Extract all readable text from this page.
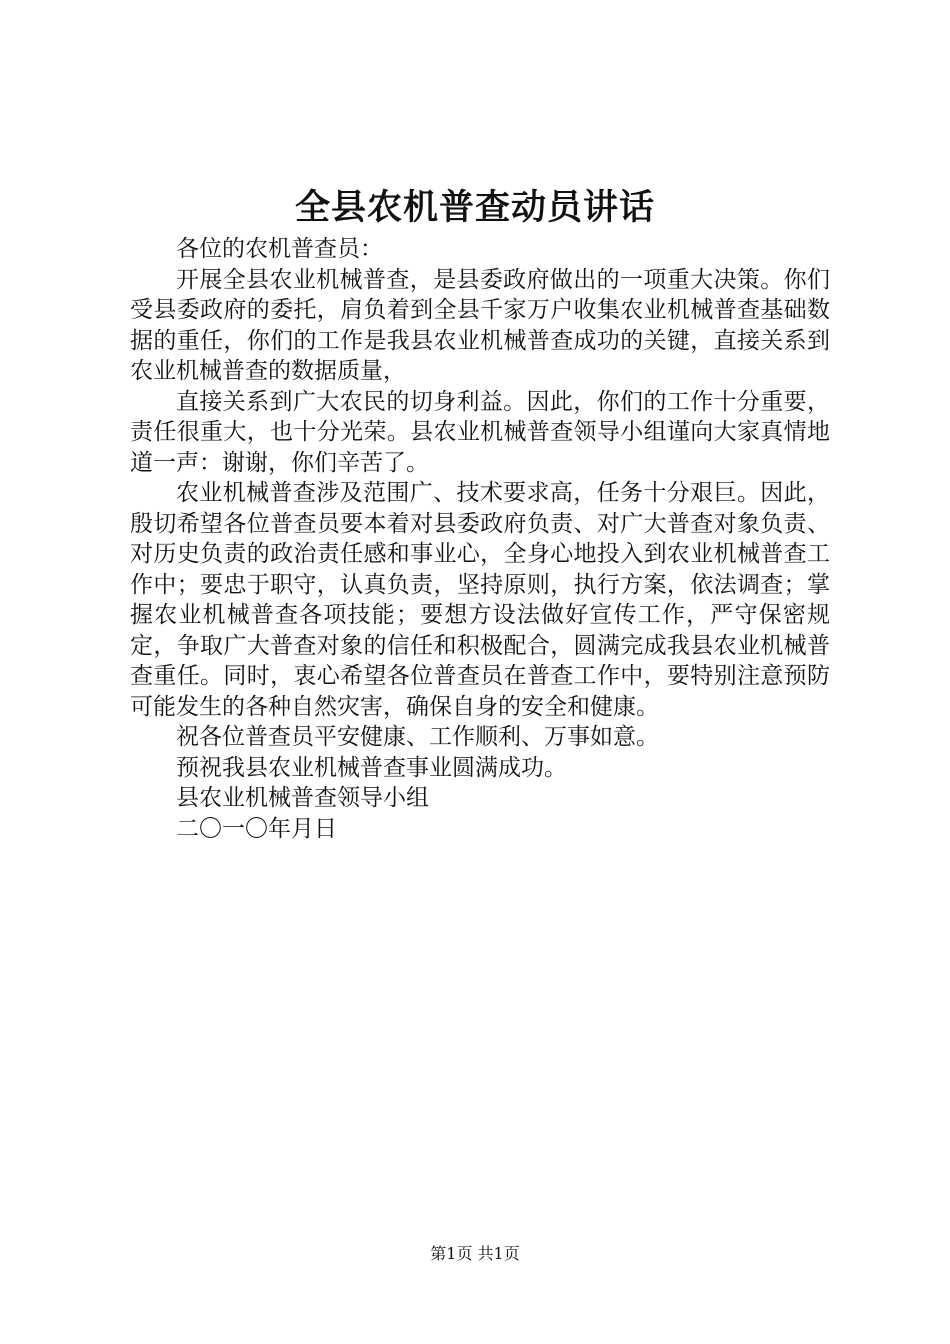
全县农机普查动员讲话

各位的农机普查员：

开展全县农业机械普查，是县委政府做出的一项重大决策。你们受县委政府的委托，肩负着到全县千家万户收集农业机械普查基础数据的重任，你们的工作是我县农业机械普查成功的关键，直接关系到农业机械普查的数据质量，

直接关系到广大农民的切身利益。因此，你们的工作十分重要，责任很重大，也十分光荣。县农业机械普查领导小组谨向大家真情地道一声：谢谢，你们辛苦了。

农业机械普查涉及范围广、技术要求高，任务十分艰巨。因此，殷切希望各位普查员要本着对县委政府负责、对广大普查对象负责、对历史负责的政治责任感和事业心，全身心地投入到农业机械普查工作中；要忠于职守，认真负责，坚持原则，执行方案，依法调查；掌握农业机械普查各项技能；要想方设法做好宣传工作，严守保密规定，争取广大普查对象的信任和积极配合，圆满完成我县农业机械普查重任。同时，衷心希望各位普查员在普查工作中，要特别注意预防可能发生的各种自然灾害，确保自身的安全和健康。

祝各位普查员平安健康、工作顺利、万事如意。

预祝我县农业机械普查事业圆满成功。

县农业机械普查领导小组

二〇一〇年月日

第1页 共1页
